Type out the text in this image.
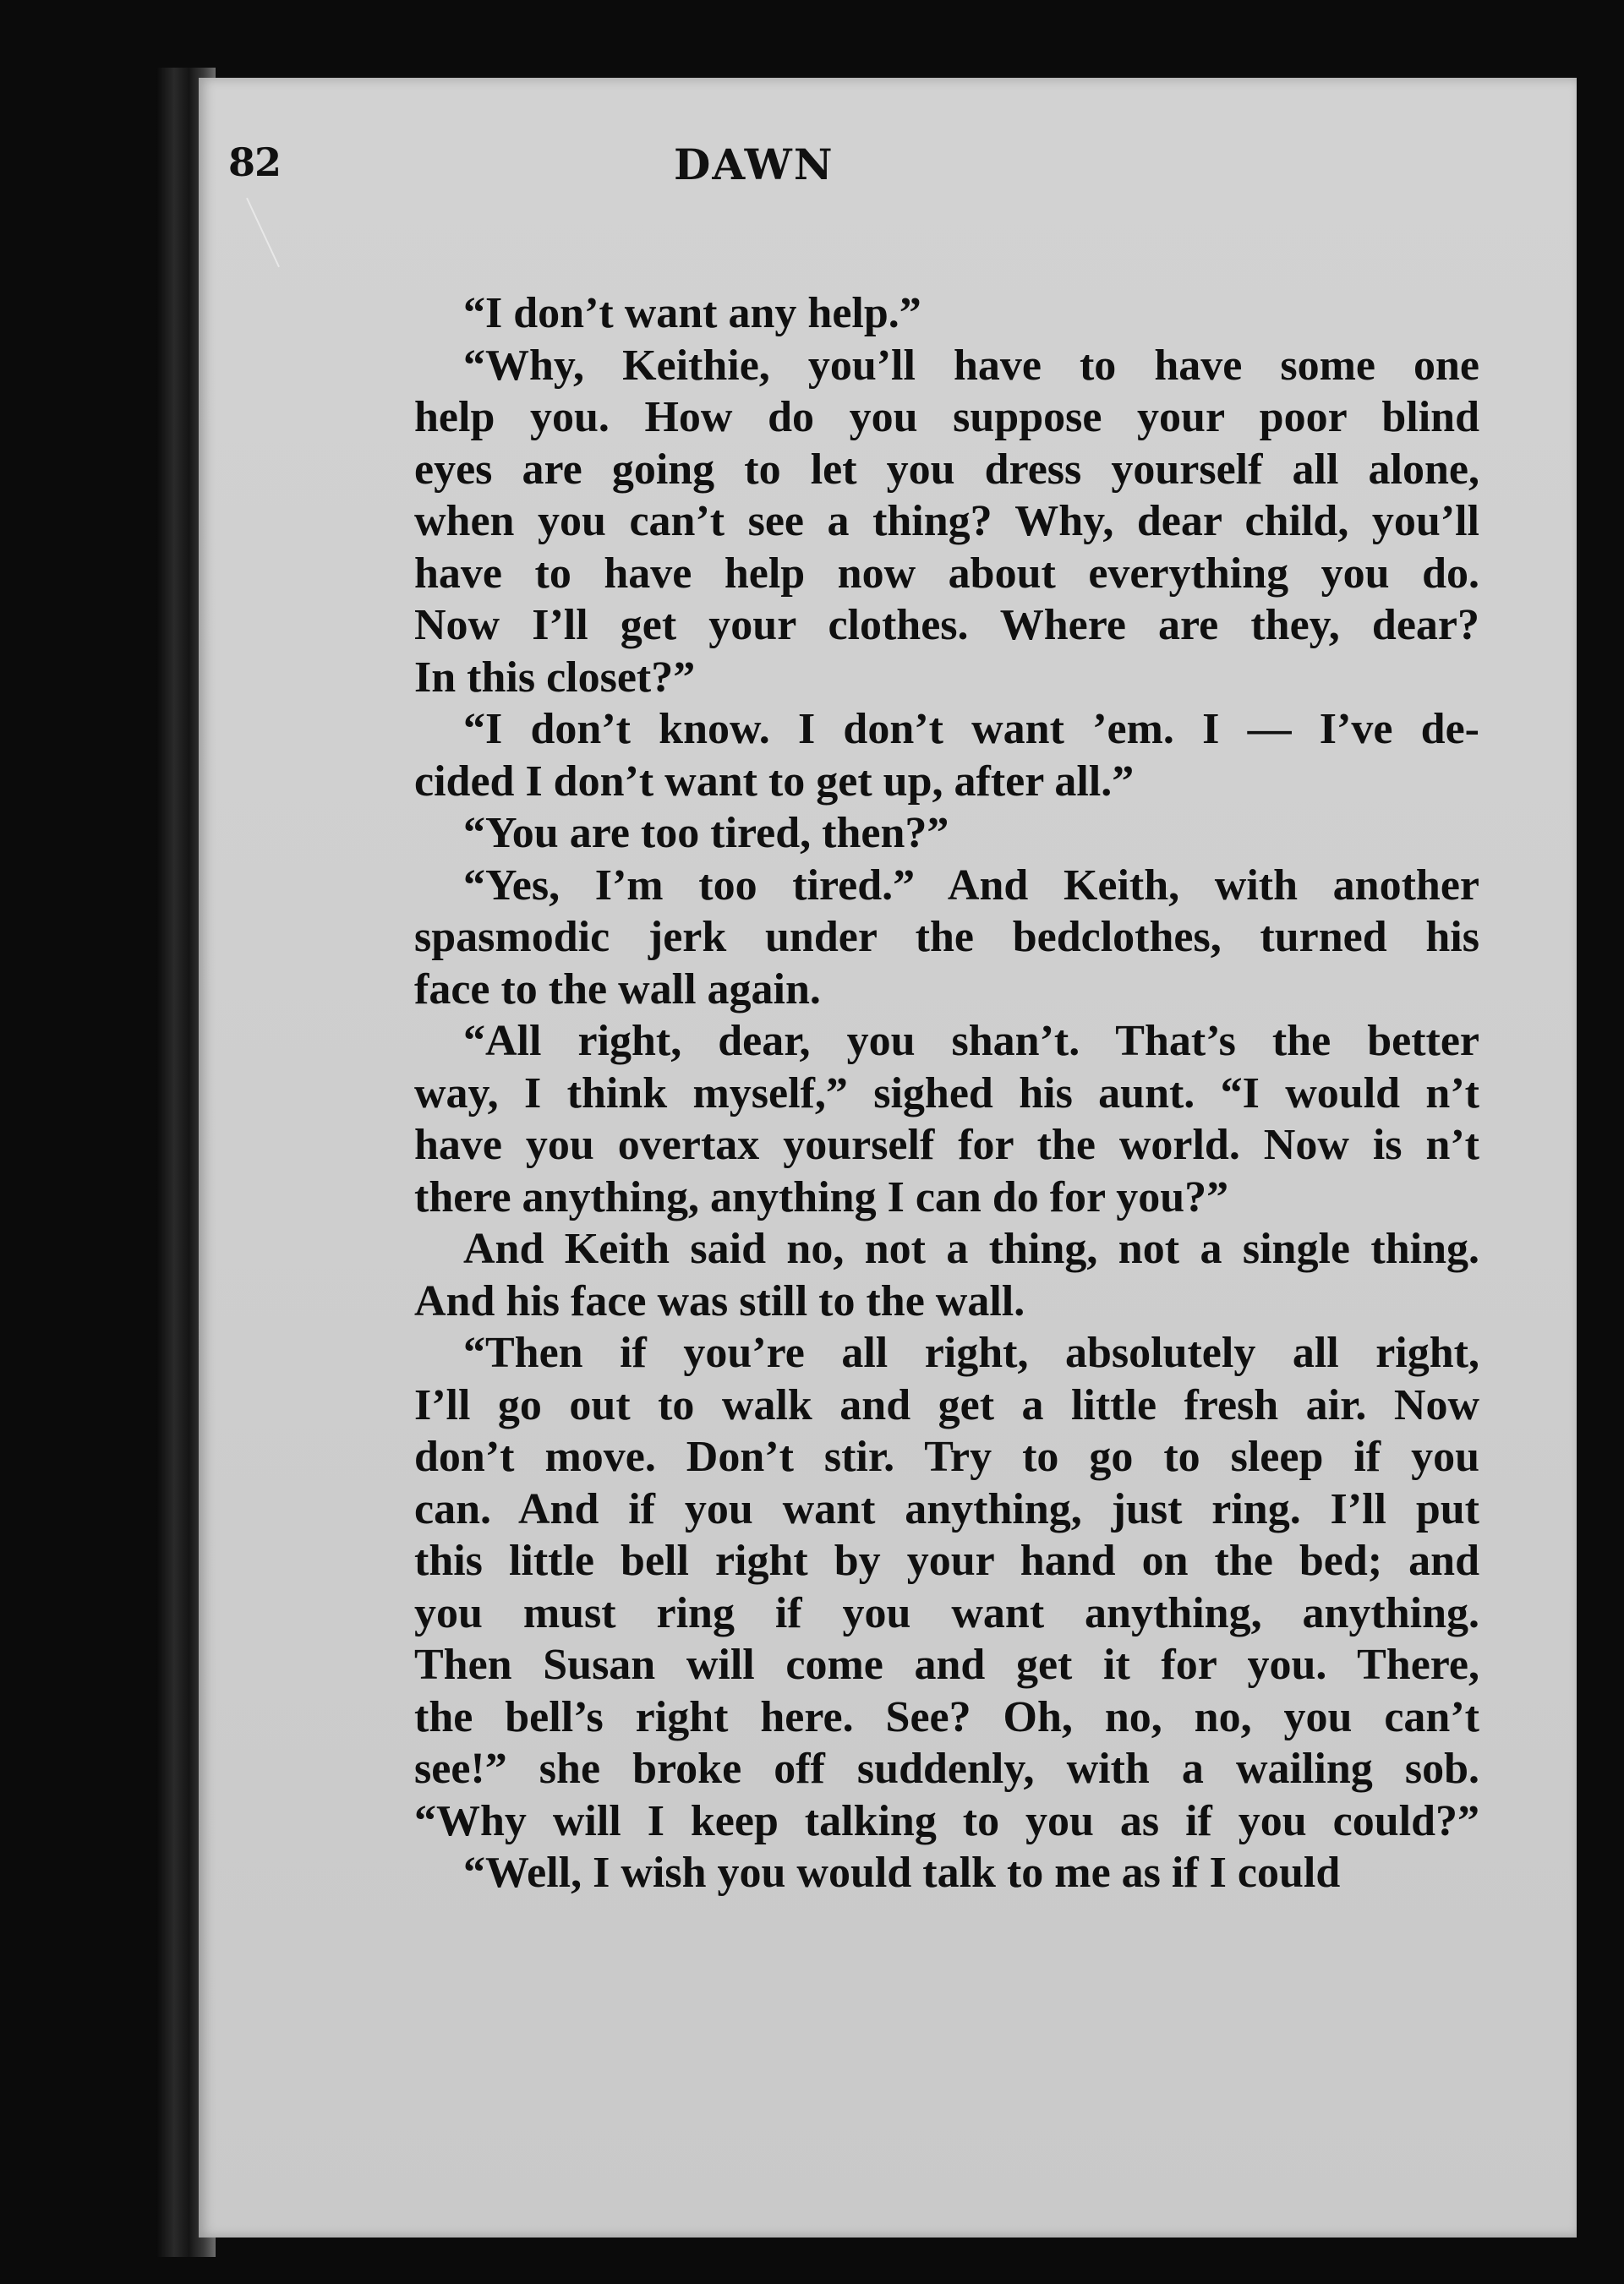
82	DAWN
“I don’t want any help.”
“Why, Keithie, you’ll have to have some one
help you. How do you suppose your poor blind
eyes are going to let you dress yourself all alone,
when you can’t see a thing? Why, dear child, you’ll
have to have help now about everything you do.
Now I’ll get your clothes. Where are they, dear?
In this closet?”
“I don’t know. I don’t want ’em. I — I’ve de-
cided I don’t want to get up, after all.”
“You are too tired, then?”
“Yes, I’m too tired.” And Keith, with another
spasmodic jerk under the bedclothes, turned his
face to the wall again.
“All right, dear, you shan’t. That’s the better
way, I think myself,” sighed his aunt. “I would n’t
have you overtax yourself for the world. Now is n’t
there anything, anything I can do for you?”
And Keith said no, not a thing, not a single thing.
And his face was still to the wall.
“Then if you’re all right, absolutely all right,
I’ll go out to walk and get a little fresh air. Now
don’t move. Don’t stir. Try to go to sleep if you
can. And if you want anything, just ring. I’ll put
this little bell right by your hand on the bed; and
you must ring if you want anything, anything.
Then Susan will come and get it for you. There,
the bell’s right here. See? Oh, no, no, you can’t
see!” she broke off suddenly, with a wailing sob.
“Why will I keep talking to you as if you could?”
“Well, I wish you would talk to me as if I could
